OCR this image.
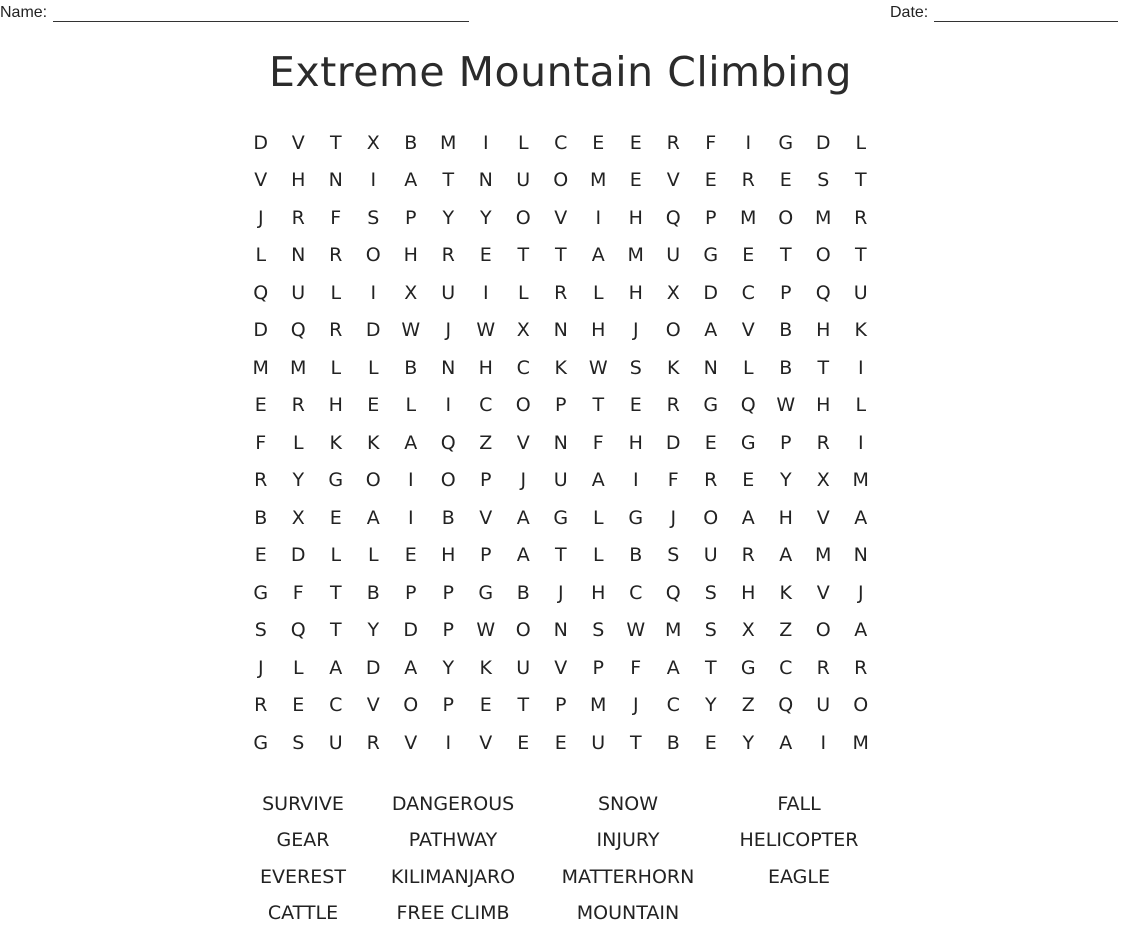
Name:	Date:
Extreme Mountain Climbing
D	V	T	X	B	M	I	L	C	E	E	R	F	I	G	D	L
V	H	N	I	A	T	N	U	O	M	E	V	E	R	E	S	T
J	R	F	S	P	Y	Y	O	V	I	H	Q	P	M	O	M	R
L	N	R	O	H	R	E	T	T	A	M	U	G	E	T	O	T
Q	U	L	I	X	U	I	L	R	L	H	X	D	C	P	Q	U
D	Q	R	D	W	J	W	X	N	H	J	O	A	V	B	H	K
M	M	L	L	B	N	H	C	K	W	S	K	N	L	B	T	I
E	R	H	E	L	I	C	O	P	T	E	R	G	Q	W	H	L
F	L	K	K	A	Q	Z	V	N	F	H	D	E	G	P	R	I
R	Y	G	O	I	O	P	J	U	A	I	F	R	E	Y	X	M
B	X	E	A	I	B	V	A	G	L	G	J	O	A	H	V	A
E	D	L	L	E	H	P	A	T	L	B	S	U	R	A	M	N
G	F	T	B	P	P	G	B	J	H	C	Q	S	H	K	V	J
S	Q	T	Y	D	P	W	O	N	S	W	M	S	X	Z	O	A
J	L	A	D	A	Y	K	U	V	P	F	A	T	G	C	R	R
R	E	C	V	O	P	E	T	P	M	J	C	Y	Z	Q	U	O
G	S	U	R	V	I	V	E	E	U	T	B	E	Y	A	I	M
SURVIVE	DANGEROUS	SNOW	FALL
GEAR	PATHWAY	INJURY	HELICOPTER
EVEREST	KILIMANJARO	MATTERHORN	EAGLE
CATTLE	FREE CLIMB	MOUNTAIN
